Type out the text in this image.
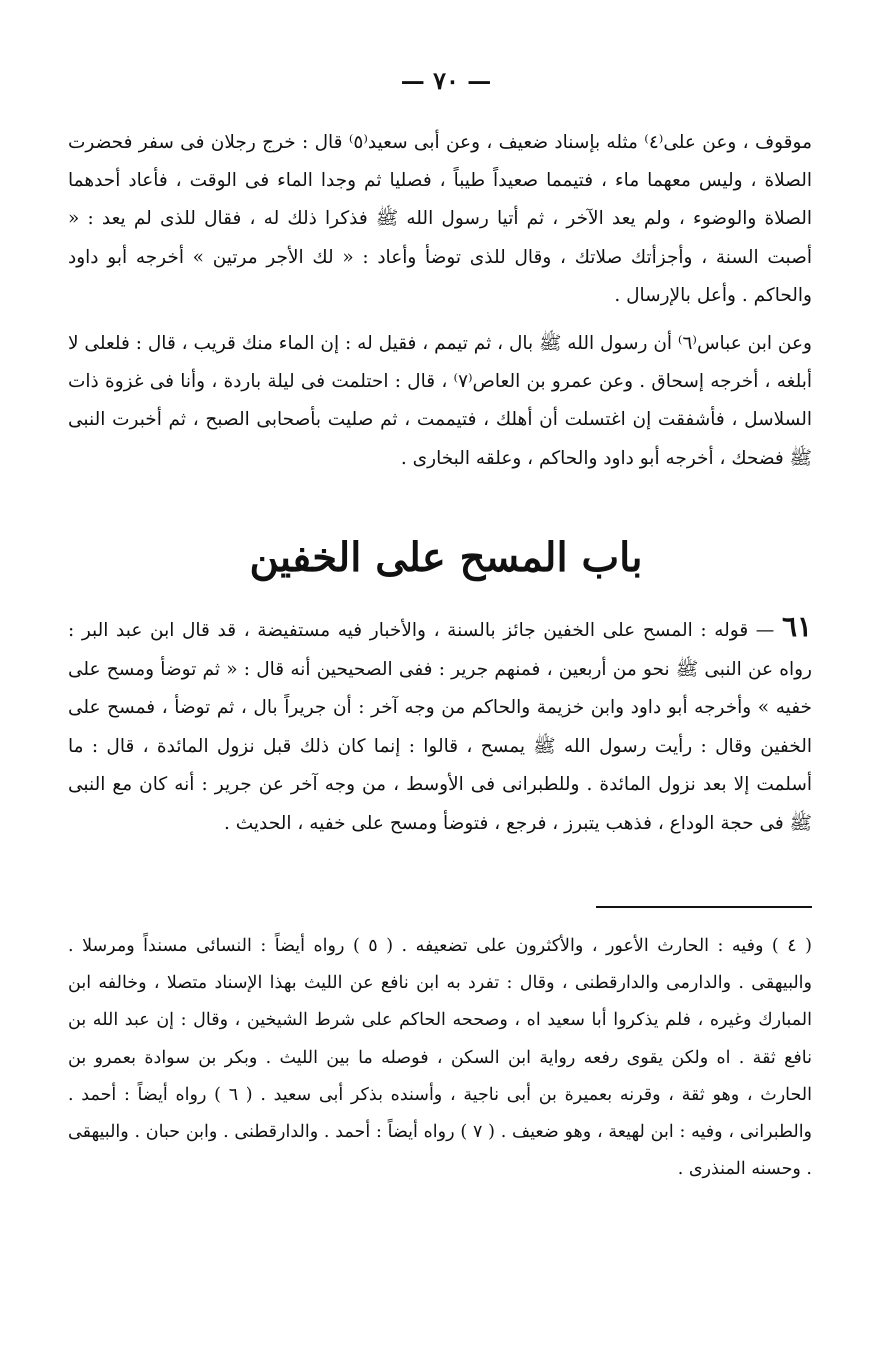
— ٧٠ —

موقوف ، وعن على⁽٤⁾ مثله بإسناد ضعيف ، وعن أبى سعيد⁽٥⁾ قال : خرج رجلان فى سفر فحضرت الصلاة ، وليس معهما ماء ، فتيمما صعيداً طيباً ، فصليا ثم وجدا الماء فى الوقت ، فأعاد أحدهما الصلاة والوضوء ، ولم يعد الآخر ، ثم أتيا رسول الله ﷺ فذكرا ذلك له ، فقال للذى لم يعد : « أصبت السنة ، وأجزأتك صلاتك ، وقال للذى توضأ وأعاد : « لك الأجر مرتين » أخرجه أبو داود والحاكم . وأعل بالإرسال .

وعن ابن عباس⁽٦⁾ أن رسول الله ﷺ بال ، ثم تيمم ، فقيل له : إن الماء منك قريب ، قال : فلعلى لا أبلغه ، أخرجه إسحاق . وعن عمرو بن العاص⁽٧⁾ ، قال : احتلمت فى ليلة باردة ، وأنا فى غزوة ذات السلاسل ، فأشفقت إن اغتسلت أن أهلك ، فتيممت ، ثم صليت بأصحابى الصبح ، ثم أخبرت النبى ﷺ فضحك ، أخرجه أبو داود والحاكم ، وعلقه البخارى .

باب المسح على الخفين

٦١ — قوله : المسح على الخفين جائز بالسنة ، والأخبار فيه مستفيضة ، قد قال ابن عبد البر : رواه عن النبى ﷺ نحو من أربعين ، فمنهم جرير : ففى الصحيحين أنه قال : « ثم توضأ ومسح على خفيه » وأخرجه أبو داود وابن خزيمة والحاكم من وجه آخر : أن جريراً بال ، ثم توضأ ، فمسح على الخفين وقال : رأيت رسول الله ﷺ يمسح ، قالوا : إنما كان ذلك قبل نزول المائدة ، قال : ما أسلمت إلا بعد نزول المائدة . وللطبرانى فى الأوسط ، من وجه آخر عن جرير : أنه كان مع النبى ﷺ فى حجة الوداع ، فذهب يتبرز ، فرجع ، فتوضأ ومسح على خفيه ، الحديث .

( ٤ ) وفيه : الحارث الأعور ، والأكثرون على تضعيفه . ( ٥ ) رواه أيضاً : النسائى مسنداً ومرسلا . والبيهقى . والدارمى والدارقطنى ، وقال : تفرد به ابن نافع عن الليث بهذا الإسناد متصلا ، وخالفه ابن المبارك وغيره ، فلم يذكروا أبا سعيد اه ، وصححه الحاكم على شرط الشيخين ، وقال : إن عبد الله بن نافع ثقة . اه ولكن يقوى رفعه رواية ابن السكن ، فوصله ما بين الليث . وبكر بن سوادة بعمرو بن الحارث ، وهو ثقة ، وقرنه بعميرة بن أبى ناجية ، وأسنده بذكر أبى سعيد . ( ٦ ) رواه أيضاً : أحمد . والطبرانى ، وفيه : ابن لهيعة ، وهو ضعيف . ( ٧ ) رواه أيضاً : أحمد . والدارقطنى . وابن حبان . والبيهقى . وحسنه المنذرى .
